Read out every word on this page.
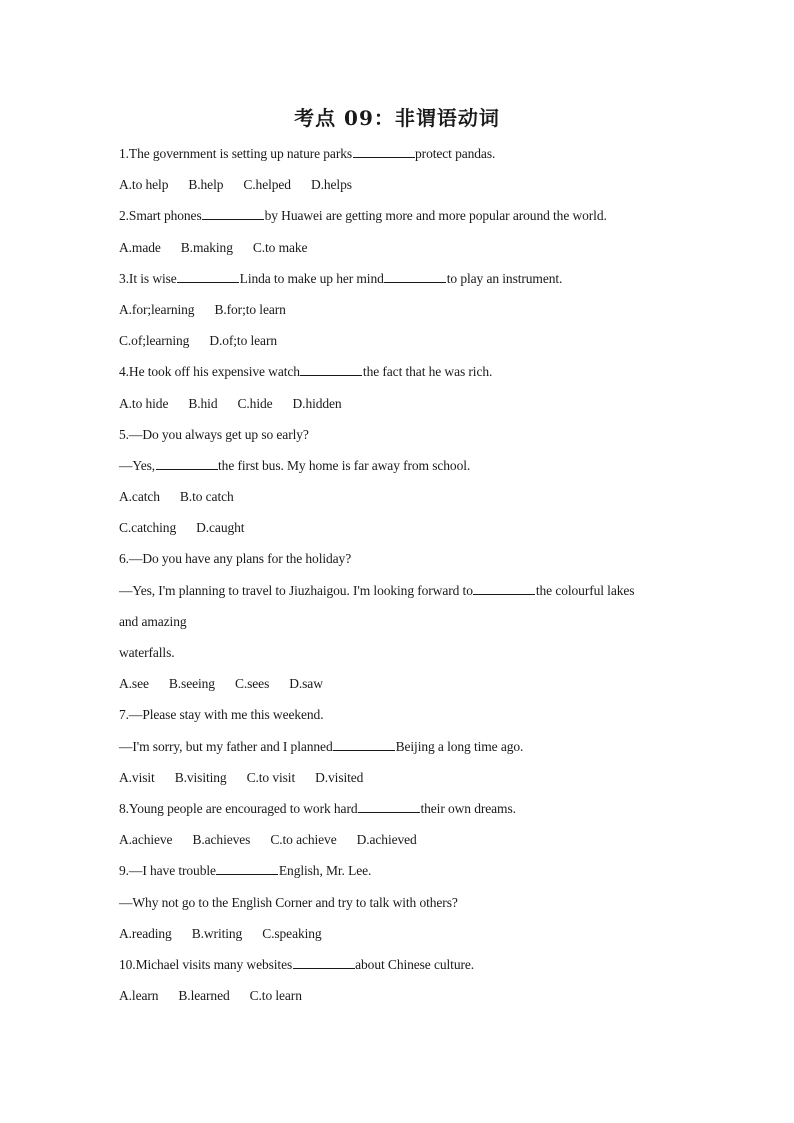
考点 09：非谓语动词
1.The government is setting up nature parks	protect pandas.
A.to help B.help C.helped D.helps
2.Smart phones	by Huawei are getting more and more popular around the world.
A.made B.making C.to make
3.It is wise	Linda to make up her mind	to play an instrument.
A.for;learning B.for;to learn
C.of;learning D.of;to learn
4.He took off his expensive watch	the fact that he was rich.
A.to hide B.hid C.hide D.hidden
5.—Do you always get up so early?
—Yes,	the first bus. My home is far away from school.
A.catch B.to catch
C.catching D.caught
6.—Do you have any plans for the holiday?
—Yes, I'm planning to travel to Jiuzhaigou. I'm looking forward to	the colourful lakes
and amazing
waterfalls.
A.see B.seeing C.sees D.saw
7.—Please stay with me this weekend.
—I'm sorry, but my father and I planned	Beijing a long time ago.
A.visit B.visiting C.to visit D.visited
8.Young people are encouraged to work hard	their own dreams.
A.achieve B.achieves C.to achieve D.achieved
9.—I have trouble	English, Mr. Lee.
—Why not go to the English Corner and try to talk with others?
A.reading B.writing C.speaking
10.Michael visits many websites	about Chinese culture.
A.learn B.learned C.to learn
